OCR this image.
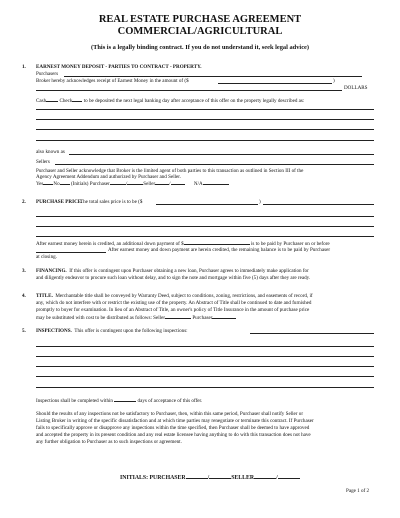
REAL ESTATE PURCHASE AGREEMENT
COMMERCIAL/AGRICULTURAL
(This is a legally binding contract. If you do not understand it, seek legal advice)
1. EARNEST MONEY DEPOSIT - PARTIES TO CONTRACT - PROPERTY.
Purchasers
Broker hereby acknowledges receipt of Earnest Money in the amount of ($	)
DOLLARS
Cash	Check to be deposited the next legal banking day after acceptance of this offer on the property legally described as:
also known as
Sellers
Purchaser and Seller acknowledge that Broker is the limited agent of both parties to this transaction as outlined in Section III of the
Agency Agreement Addendum and authorized by Purchaser and Seller.
Yes No (Initials) Purchaser	/	Seller	/	N/A
2. PURCHASE PRICE.
The total sales price is to be ($	)
After earnest money herein is credited, an additional down payment of $	is to be paid by Purchaser on or before
After earnest money and down payment are herein credited, the remaining balance is to be paid by Purchaser
at closing.
3. FINANCING. If this offer is contingent upon Purchaser obtaining a new loan, Purchaser agrees to immediately make application for
and diligently endeavor to procure such loan without delay, and to sign the note and mortgage within five (5) days after they are ready.
4. TITLE. Merchantable title shall be conveyed by Warranty Deed, subject to conditions, zoning, restrictions, and easements of record, if
any, which do not interfere with or restrict the existing use of the property. An Abstract of Title shall be continued to date and furnished
promptly to buyer for examination. In lieu of an Abstract of Title, an owner's policy of Title Insurance in the amount of purchase price
may be substituted with cost to be distributed as follows: Seller	Purchaser
5. INSPECTIONS. This offer is contingent upon the following inspections:
Inspections shall be completed within	days of acceptance of this offer.
Should the results of any inspections not be satisfactory to Purchaser, then, within this same period, Purchaser shall notify Seller or
Listing Broker in writing of the specific dissatisfaction and at which time parties may renegotiate or terminate this contract. If Purchaser
fails to specifically approve or disapprove any inspections within the time specified, then Purchaser shall be deemed to have approved
and accepted the property in its present condition and any real estate licensee having anything to do with this transaction does not have
any further obligation to Purchaser as to such inspections or agreement.
INITIALS: PURCHASER	/	SELLER	/
Page 1 of 2
